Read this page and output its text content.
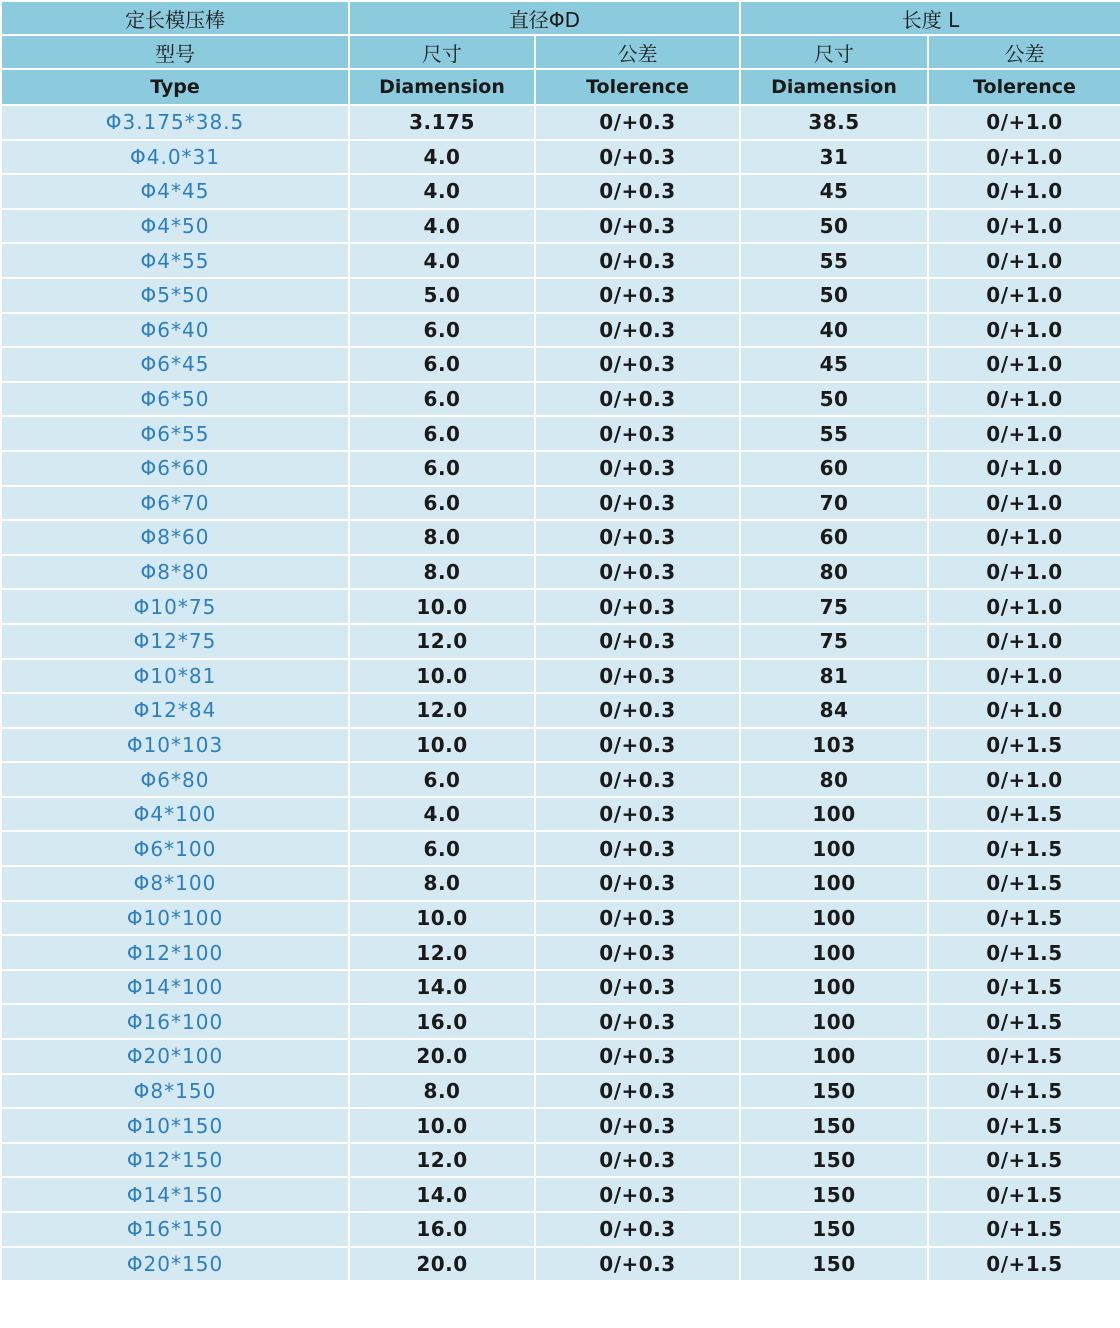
定长模压棒	直径ΦD		长度 L	
型号	尺寸	公差	尺寸	公差
Type	Diamension	Tolerence	Diamension	Tolerence
Φ3.175*38.5	3.175	0/+0.3	38.5	0/+1.0
Φ4.0*31	4.0	0/+0.3	31	0/+1.0
Φ4*45	4.0	0/+0.3	45	0/+1.0
Φ4*50	4.0	0/+0.3	50	0/+1.0
Φ4*55	4.0	0/+0.3	55	0/+1.0
Φ5*50	5.0	0/+0.3	50	0/+1.0
Φ6*40	6.0	0/+0.3	40	0/+1.0
Φ6*45	6.0	0/+0.3	45	0/+1.0
Φ6*50	6.0	0/+0.3	50	0/+1.0
Φ6*55	6.0	0/+0.3	55	0/+1.0
Φ6*60	6.0	0/+0.3	60	0/+1.0
Φ6*70	6.0	0/+0.3	70	0/+1.0
Φ8*60	8.0	0/+0.3	60	0/+1.0
Φ8*80	8.0	0/+0.3	80	0/+1.0
Φ10*75	10.0	0/+0.3	75	0/+1.0
Φ12*75	12.0	0/+0.3	75	0/+1.0
Φ10*81	10.0	0/+0.3	81	0/+1.0
Φ12*84	12.0	0/+0.3	84	0/+1.0
Φ10*103	10.0	0/+0.3	103	0/+1.5
Φ6*80	6.0	0/+0.3	80	0/+1.0
Φ4*100	4.0	0/+0.3	100	0/+1.5
Φ6*100	6.0	0/+0.3	100	0/+1.5
Φ8*100	8.0	0/+0.3	100	0/+1.5
Φ10*100	10.0	0/+0.3	100	0/+1.5
Φ12*100	12.0	0/+0.3	100	0/+1.5
Φ14*100	14.0	0/+0.3	100	0/+1.5
Φ16*100	16.0	0/+0.3	100	0/+1.5
Φ20*100	20.0	0/+0.3	100	0/+1.5
Φ8*150	8.0	0/+0.3	150	0/+1.5
Φ10*150	10.0	0/+0.3	150	0/+1.5
Φ12*150	12.0	0/+0.3	150	0/+1.5
Φ14*150	14.0	0/+0.3	150	0/+1.5
Φ16*150	16.0	0/+0.3	150	0/+1.5
Φ20*150	20.0	0/+0.3	150	0/+1.5
